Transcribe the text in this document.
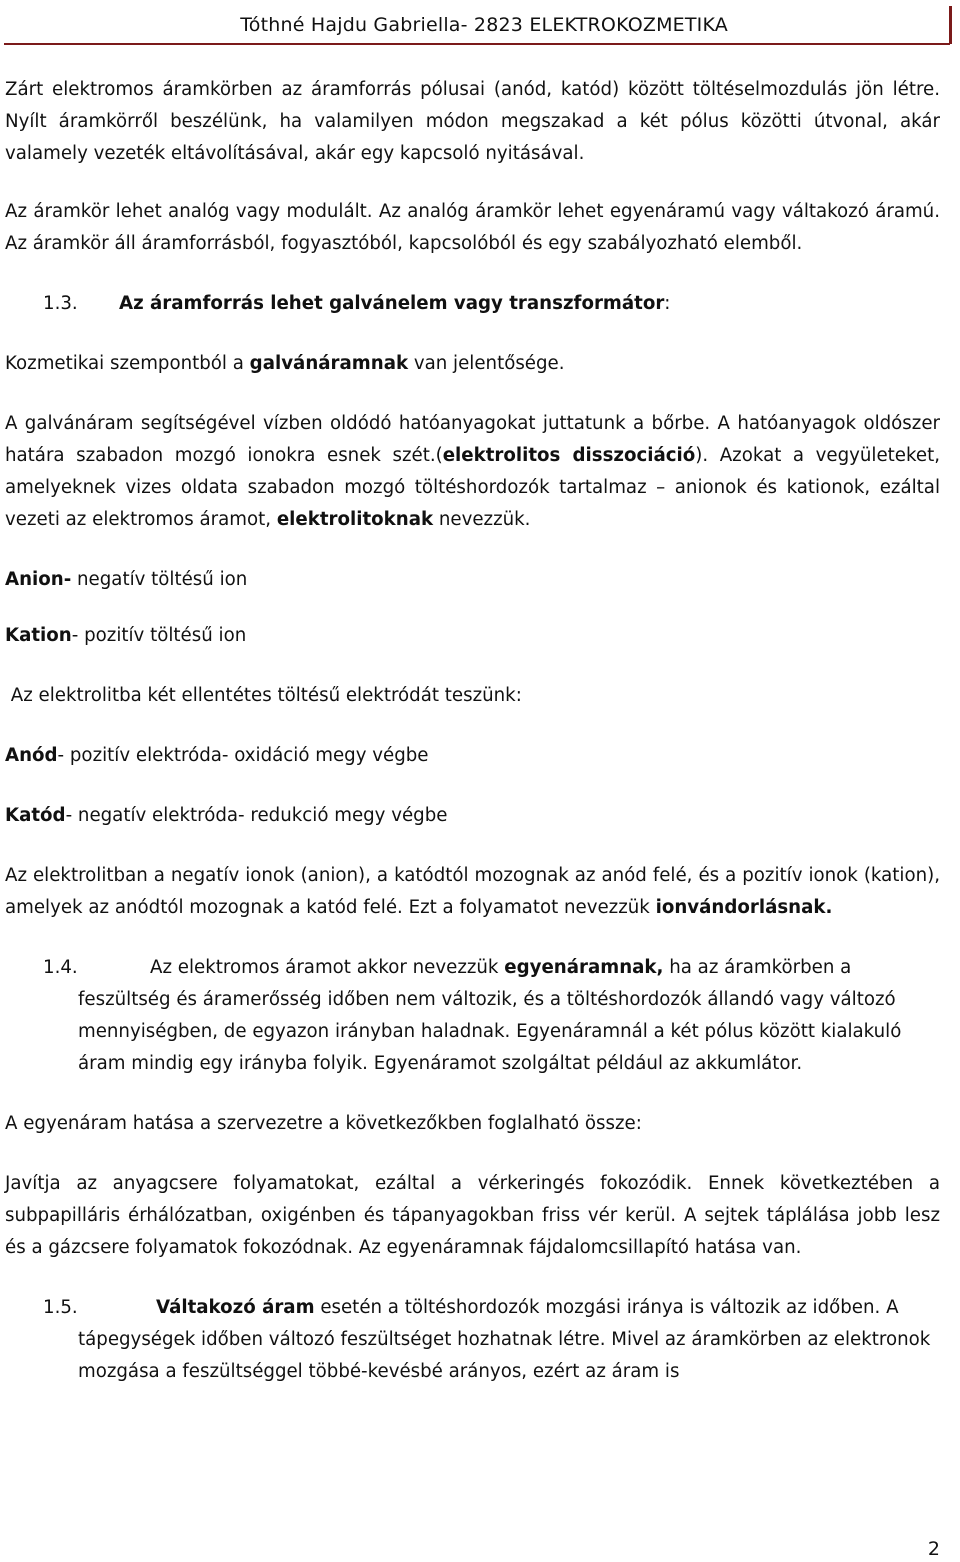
Tóthné Hajdu Gabriella- 2823 ELEKTROKOZMETIKA

Zárt elektromos áramkörben az áramforrás pólusai (anód, katód) között töltéselmozdulás jön létre. Nyílt áramkörről beszélünk, ha valamilyen módon megszakad a két pólus közötti útvonal, akár valamely vezeték eltávolításával, akár egy kapcsoló nyitásával.

Az áramkör lehet analóg vagy modulált. Az analóg áramkör lehet egyenáramú vagy váltakozó áramú. Az áramkör áll áramforrásból, fogyasztóból, kapcsolóból és egy szabályozható elemből.

1.3.	Az áramforrás lehet galvánelem vagy transzformátor:

Kozmetikai szempontból a galvánáramnak van jelentősége.

A galvánáram segítségével vízben oldódó hatóanyagokat juttatunk a bőrbe. A hatóanyagok oldószer határa szabadon mozgó ionokra esnek szét.(elektrolitos disszociáció). Azokat a vegyületeket, amelyeknek vizes oldata szabadon mozgó töltéshordozók tartalmaz – anionok és kationok, ezáltal vezeti az elektromos áramot, elektrolitoknak nevezzük.

Anion- negatív töltésű ion

Kation- pozitív töltésű ion

Az elektrolitba két ellentétes töltésű elektródát teszünk:

Anód- pozitív elektróda- oxidáció megy végbe

Katód- negatív elektróda- redukció megy végbe

Az elektrolitban a negatív ionok (anion), a katódtól mozognak az anód felé, és a pozitív ionok (kation), amelyek az anódtól mozognak a katód felé. Ezt a folyamatot nevezzük ionvándorlásnak.

1.4.	Az elektromos áramot akkor nevezzük egyenáramnak, ha az áramkörben a feszültség és áramerősség időben nem változik, és a töltéshordozók állandó vagy változó mennyiségben, de egyazon irányban haladnak. Egyenáramnál a két pólus között kialakuló áram mindig egy irányba folyik. Egyenáramot szolgáltat például az akkumlátor.

A egyenáram hatása a szervezetre a következőkben foglalható össze:

Javítja az anyagcsere folyamatokat, ezáltal a vérkeringés fokozódik. Ennek következtében a subpapilláris érhálózatban, oxigénben és tápanyagokban friss vér kerül. A sejtek táplálása jobb lesz és a gázcsere folyamatok fokozódnak. Az egyenáramnak fájdalomcsillapító hatása van.

1.5.	Váltakozó áram esetén a töltéshordozók mozgási iránya is változik az időben. A tápegységek időben változó feszültséget hozhatnak létre. Mivel az áramkörben az elektronok mozgása a feszültséggel többé-kevésbé arányos, ezért az áram is

2
